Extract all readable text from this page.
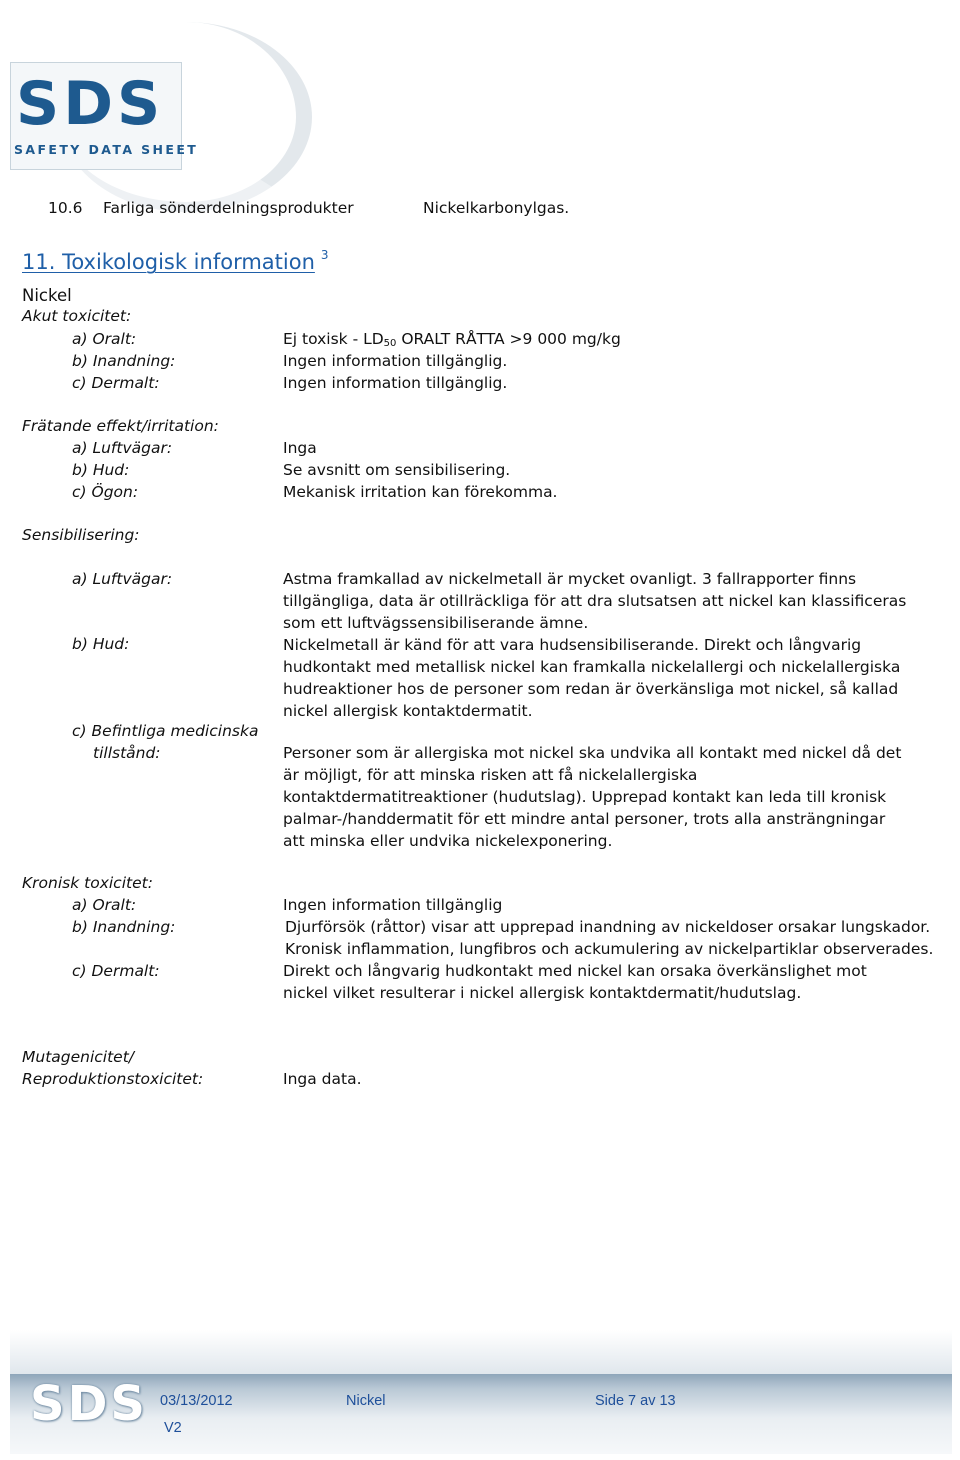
SDS
SAFETY DATA SHEET
10.6 Farliga sönderdelningsprodukter	Nickelkarbonylgas.
11. Toxikologisk information $^3$
Nickel
Akut toxicitet:
a) Oralt:	Ej toxisk - $LD_{50}$ ORALT RÅTTA >9 000 mg/kg
b) Inandning:	Ingen information tillgänglig.
c) Dermalt:	Ingen information tillgänglig.
Frätande effekt/irritation:
a) Luftvägar:	Inga
b) Hud:	Se avsnitt om sensibilisering.
c) Ögon:	Mekanisk irritation kan förekomma.
Sensibilisering:
a) Luftvägar:	Astma framkallad av nickelmetall är mycket ovanligt. 3 fallrapporter finns tillgängliga, data är otillräckliga för att dra slutsatsen att nickel kan klassificeras som ett luftvägssensibiliserande ämne.
b) Hud:	Nickelmetall är känd för att vara hudsensibiliserande. Direkt och långvarig hudkontakt med metallisk nickel kan framkalla nickelallergi och nickelallergiska hudreaktioner hos de personer som redan är överkänsliga mot nickel, så kallad nickel allergisk kontaktdermatit.
c) Befintliga medicinska
tillstånd:	Personer som är allergiska mot nickel ska undvika all kontakt med nickel då det är möjligt, för att minska risken att få nickelallergiska kontaktdermatitreaktioner (hudutslag). Upprepad kontakt kan leda till kronisk palmar-/handdermatit för ett mindre antal personer, trots alla ansträngningar att minska eller undvika nickelexponering.
Kronisk toxicitet:
a) Oralt:	Ingen information tillgänglig
b) Inandning:	Djurförsök (råttor) visar att upprepad inandning av nickeldoser orsakar lungskador.
Kronisk inflammation, lungfibros och ackumulering av nickelpartiklar observerades.
c) Dermalt:	Direkt och långvarig hudkontakt med nickel kan orsaka överkänslighet mot nickel vilket resulterar i nickel allergisk kontaktdermatit/hudutslag.
Mutagenicitet/
Reproduktionstoxicitet:	Inga data.
SDS 03/13/2012
V2
Nickel	Side 7 av 13
